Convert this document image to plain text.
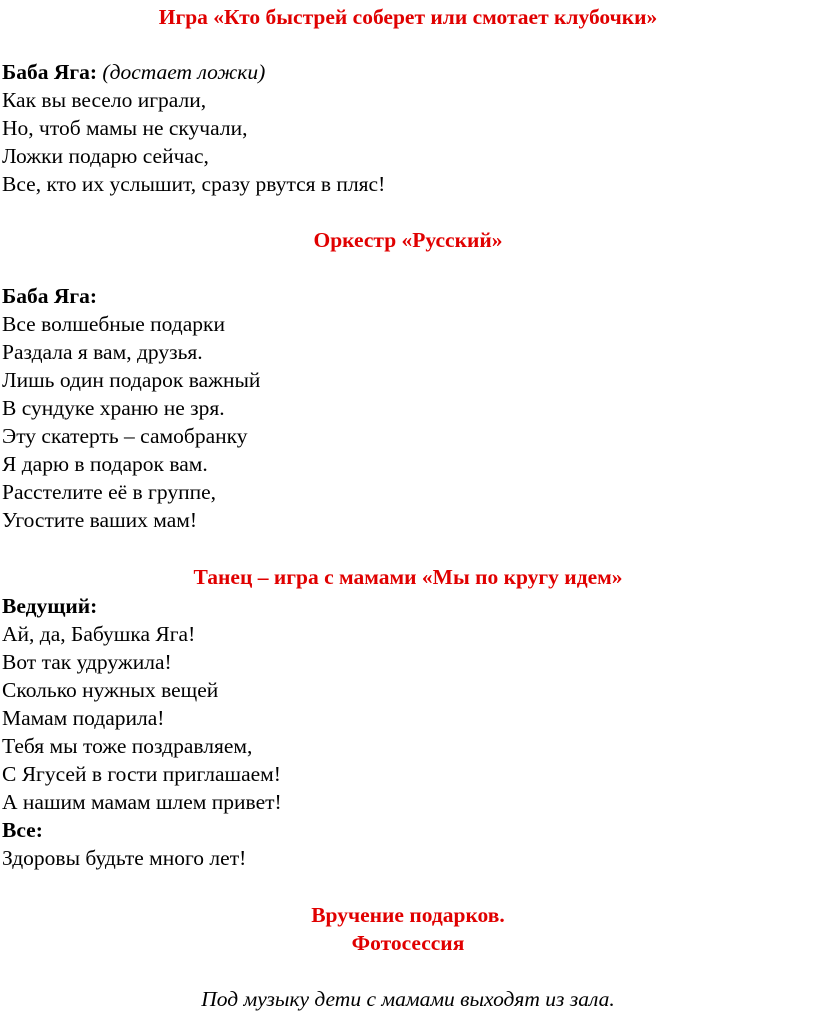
Игра «Кто быстрей соберет или смотает клубочки»
Баба Яга: (достает ложки)
Как вы весело играли,
Но, чтоб мамы не скучали,
Ложки подарю сейчас,
Все, кто их услышит, сразу рвутся в пляс!
Оркестр «Русский»
Баба Яга:
Все волшебные подарки
Раздала я вам, друзья.
Лишь один подарок важный
В сундуке храню не зря.
Эту скатерть – самобранку
Я дарю в подарок вам.
Расстелите её в группе,
Угостите ваших мам!
Танец – игра с мамами «Мы по кругу идем»
Ведущий:
Ай, да, Бабушка Яга!
Вот так удружила!
Сколько нужных вещей
Мамам подарила!
Тебя мы тоже поздравляем,
С Ягусей в гости приглашаем!
А нашим мамам шлем привет!
Все:
Здоровы будьте много лет!
Вручение подарков.
Фотосессия
Под музыку дети с мамами выходят из зала.
